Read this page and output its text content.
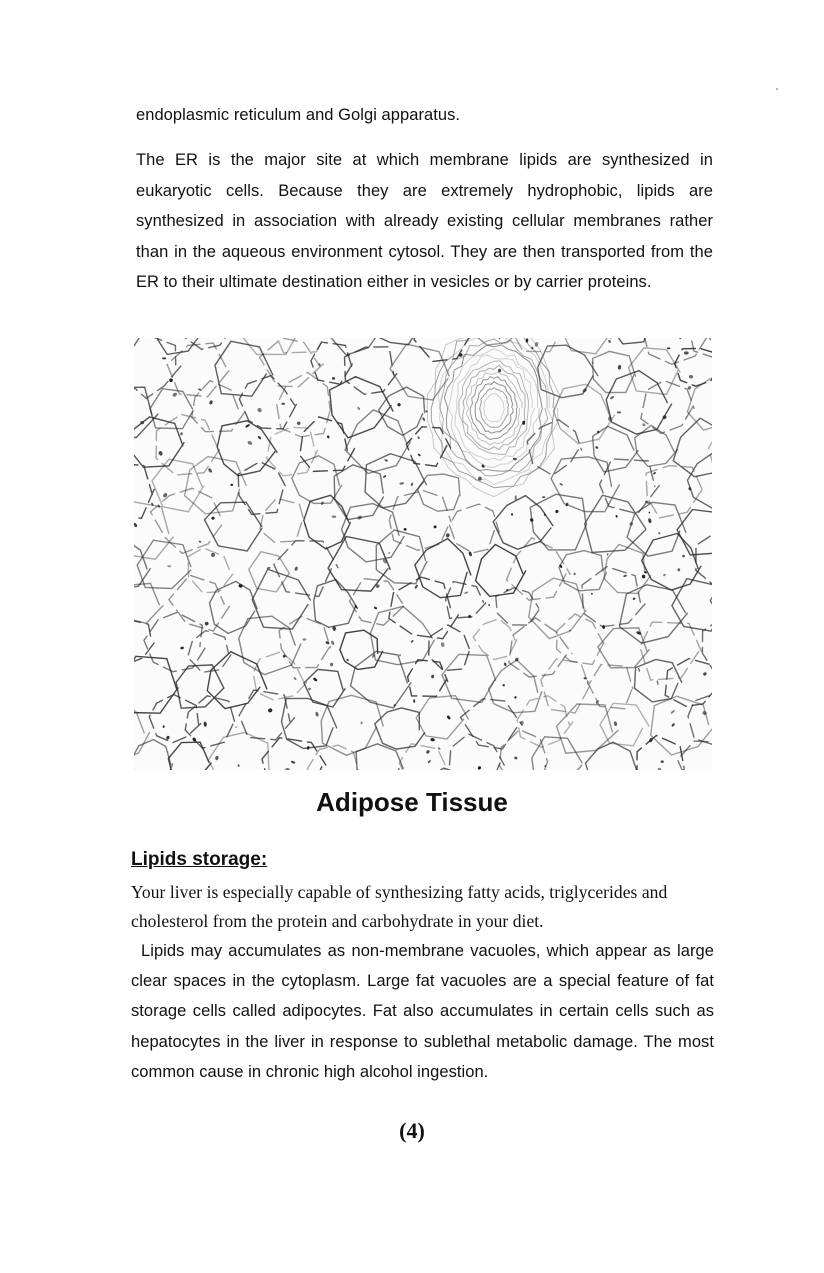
endoplasmic reticulum and Golgi apparatus.

The ER is the major site at which membrane lipids are synthesized in eukaryotic cells. Because they are extremely hydrophobic, lipids are synthesized in association with already existing cellular membranes rather than in the aqueous environment cytosol. They are then transported from the ER to their ultimate destination either in vesicles or by carrier proteins.

Adipose Tissue
Lipids storage:

Your liver is especially capable of synthesizing fatty acids, triglycerides and cholesterol from the protein and carbohydrate in your diet.

Lipids may accumulates as non-membrane vacuoles, which appear as large clear spaces in the cytoplasm. Large fat vacuoles are a special feature of fat storage cells called adipocytes. Fat also accumulates in certain cells such as hepatocytes in the liver in response to sublethal metabolic damage. The most common cause in chronic high alcohol ingestion.

(4)
